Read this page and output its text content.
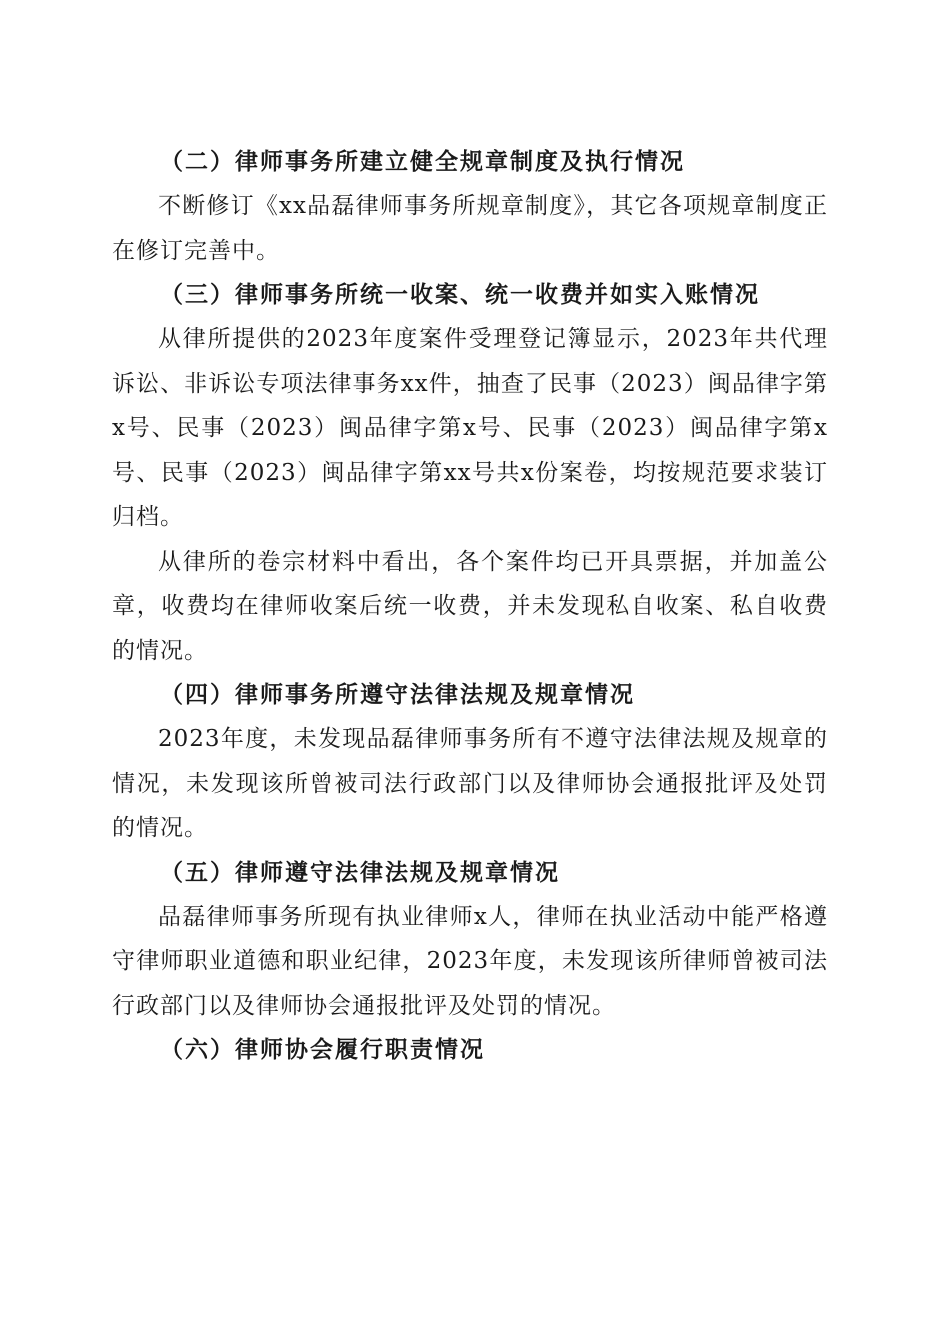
（二）律师事务所建立健全规章制度及执行情况

不断修订《xx品磊律师事务所规章制度》，其它各项规章制度正在修订完善中。

（三）律师事务所统一收案、统一收费并如实入账情况

从律所提供的2023年度案件受理登记簿显示，2023年共代理诉讼、非诉讼专项法律事务xx件，抽查了民事（2023）闽品律字第x号、民事（2023）闽品律字第x号、民事（2023）闽品律字第x号、民事（2023）闽品律字第xx号共x份案卷，均按规范要求装订归档。

从律所的卷宗材料中看出，各个案件均已开具票据，并加盖公章，收费均在律师收案后统一收费，并未发现私自收案、私自收费的情况。

（四）律师事务所遵守法律法规及规章情况

2023年度，未发现品磊律师事务所有不遵守法律法规及规章的情况，未发现该所曾被司法行政部门以及律师协会通报批评及处罚的情况。

（五）律师遵守法律法规及规章情况

品磊律师事务所现有执业律师x人，律师在执业活动中能严格遵守律师职业道德和职业纪律，2023年度，未发现该所律师曾被司法行政部门以及律师协会通报批评及处罚的情况。

（六）律师协会履行职责情况
